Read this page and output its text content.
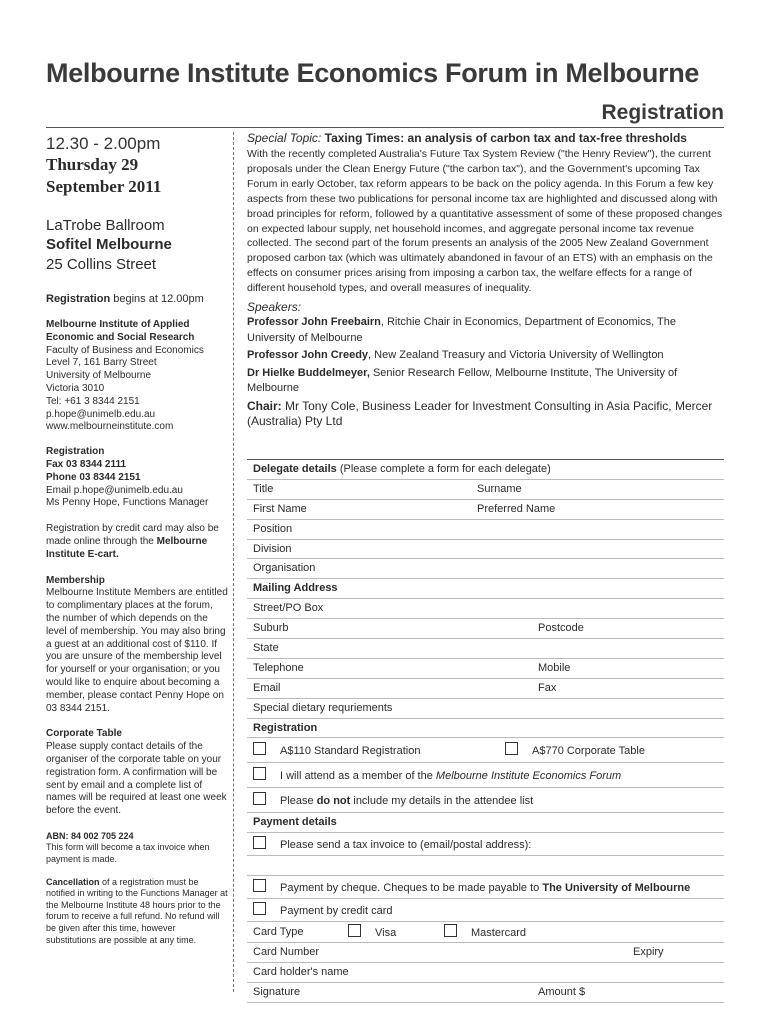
Melbourne Institute Economics Forum in Melbourne
Registration
12.30 - 2.00pm
Thursday 29
September 2011
LaTrobe Ballroom
Sofitel Melbourne
25 Collins Street
Registration begins at 12.00pm
Melbourne Institute of Applied
Economic and Social Research
Faculty of Business and Economics
Level 7, 161 Barry Street
University of Melbourne
Victoria 3010
Tel: +61 3 8344 2151
p.hope@unimelb.edu.au
www.melbourneinstitute.com
Registration
Fax 03 8344 2111
Phone 03 8344 2151
Email p.hope@unimelb.edu.au
Ms Penny Hope, Functions Manager
Registration by credit card may also be made online through the Melbourne Institute E-cart.
Membership
Melbourne Institute Members are entitled to complimentary places at the forum, the number of which depends on the level of membership. You may also bring a guest at an additional cost of $110. If you are unsure of the membership level for yourself or your organisation; or you would like to enquire about becoming a member, please contact Penny Hope on 03 8344 2151.
Corporate Table
Please supply contact details of the organiser of the corporate table on your registration form. A confirmation will be sent by email and a complete list of names will be required at least one week before the event.
ABN: 84 002 705 224
This form will become a tax invoice when payment is made.
Cancellation of a registration must be notified in writing to the Functions Manager at the Melbourne Institute 48 hours prior to the forum to receive a full refund. No refund will be given after this time, however substitutions are possible at any time.
Special Topic: Taxing Times: an analysis of carbon tax and tax-free thresholds
With the recently completed Australia's Future Tax System Review ("the Henry Review"), the current proposals under the Clean Energy Future ("the carbon tax"), and the Government's upcoming Tax Forum in early October, tax reform appears to be back on the policy agenda. In this Forum a few key aspects from these two publications for personal income tax are highlighted and discussed along with broad principles for reform, followed by a quantitative assessment of some of these proposed changes on expected labour supply, net household incomes, and aggregate personal income tax revenue collected. The second part of the forum presents an analysis of the 2005 New Zealand Government proposed carbon tax (which was ultimately abandoned in favour of an ETS) with an emphasis on the effects on consumer prices arising from imposing a carbon tax, the welfare effects for a range of different household types, and overall measures of inequality.
Speakers:
Professor John Freebairn, Ritchie Chair in Economics, Department of Economics, The University of Melbourne
Professor John Creedy, New Zealand Treasury and Victoria University of Wellington
Dr Hielke Buddelmeyer, Senior Research Fellow, Melbourne Institute, The University of Melbourne
Chair: Mr Tony Cole, Business Leader for Investment Consulting in Asia Pacific, Mercer (Australia) Pty Ltd
Delegate details (Please complete a form for each delegate)
Title	Surname
First Name	Preferred Name
Position
Division
Organisation
Mailing Address
Street/PO Box
Suburb	Postcode
State
Telephone	Mobile
Email	Fax
Special dietary requriements
Registration
A$110 Standard Registration	A$770 Corporate Table
I will attend as a member of the Melbourne Institute Economics Forum
Please do not include my details in the attendee list
Payment details
Please send a tax invoice to (email/postal address):
Payment by cheque. Cheques to be made payable to The University of Melbourne
Payment by credit card
Card Type	Visa	Mastercard
Card Number	Expiry
Card holder's name
Signature	Amount $
